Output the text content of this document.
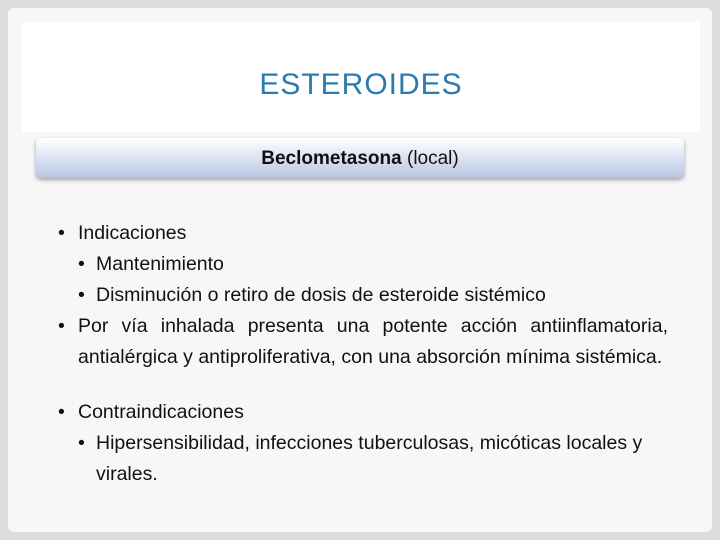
ESTEROIDES
Beclometasona (local)
• Indicaciones
• Mantenimiento
• Disminución o retiro de dosis de esteroide sistémico
• Por vía inhalada presenta una potente acción antiinflamatoria, antialérgica y antiproliferativa, con una absorción mínima sistémica.
• Contraindicaciones
• Hipersensibilidad, infecciones tuberculosas, micóticas locales y virales.
